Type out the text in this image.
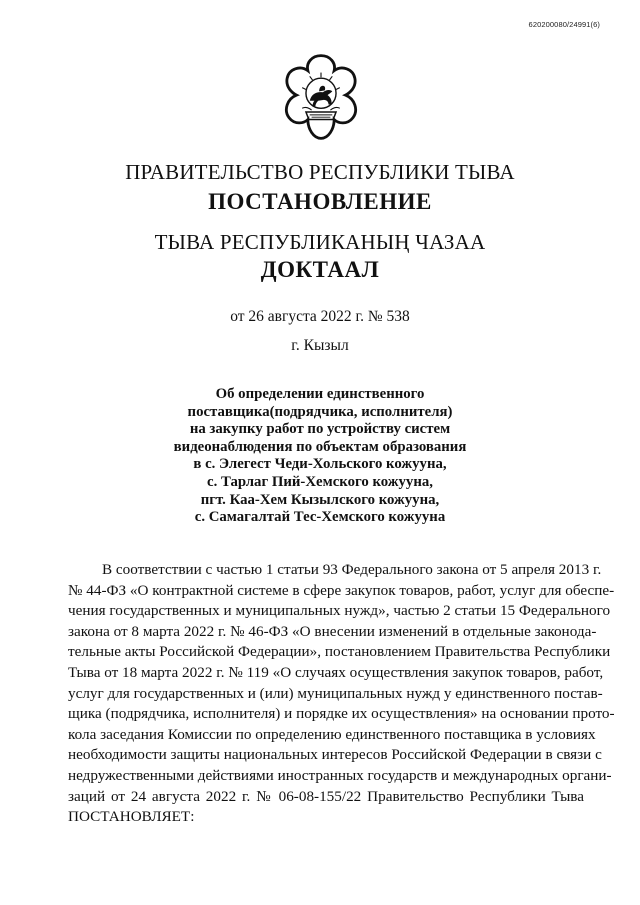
620200080/24991(6)
ПРАВИТЕЛЬСТВО РЕСПУБЛИКИ ТЫВА
ПОСТАНОВЛЕНИЕ
ТЫВА РЕСПУБЛИКАНЫҢ ЧАЗАА
ДОКТААЛ
от 26 августа 2022 г. № 538
г. Кызыл
Об определении единственного
поставщика(подрядчика, исполнителя)
на закупку работ по устройству систем
видеонаблюдения по объектам образования
в с. Элегест Чеди-Хольского кожууна,
с. Тарлаг Пий-Хемского кожууна,
пгт. Каа-Хем Кызылского кожууна,
с. Самагалтай Тес-Хемского кожууна
В соответствии с частью 1 статьи 93 Федерального закона от 5 апреля 2013 г.
№ 44-ФЗ «О контрактной системе в сфере закупок товаров, работ, услуг для обеспе-
чения государственных и муниципальных нужд», частью 2 статьи 15 Федерального
закона от 8 марта 2022 г. № 46-ФЗ «О внесении изменений в отдельные законода-
тельные акты Российской Федерации», постановлением Правительства Республики
Тыва от 18 марта 2022 г. № 119 «О случаях осуществления закупок товаров, работ,
услуг для государственных и (или) муниципальных нужд у единственного постав-
щика (подрядчика, исполнителя) и порядке их осуществления» на основании прото-
кола заседания Комиссии по определению единственного поставщика в условиях
необходимости защиты национальных интересов Российской Федерации в связи с
недружественными действиями иностранных государств и международных органи-
заций от 24 августа 2022 г. № 06-08-155/22 Правительство Республики Тыва
ПОСТАНОВЛЯЕТ:
